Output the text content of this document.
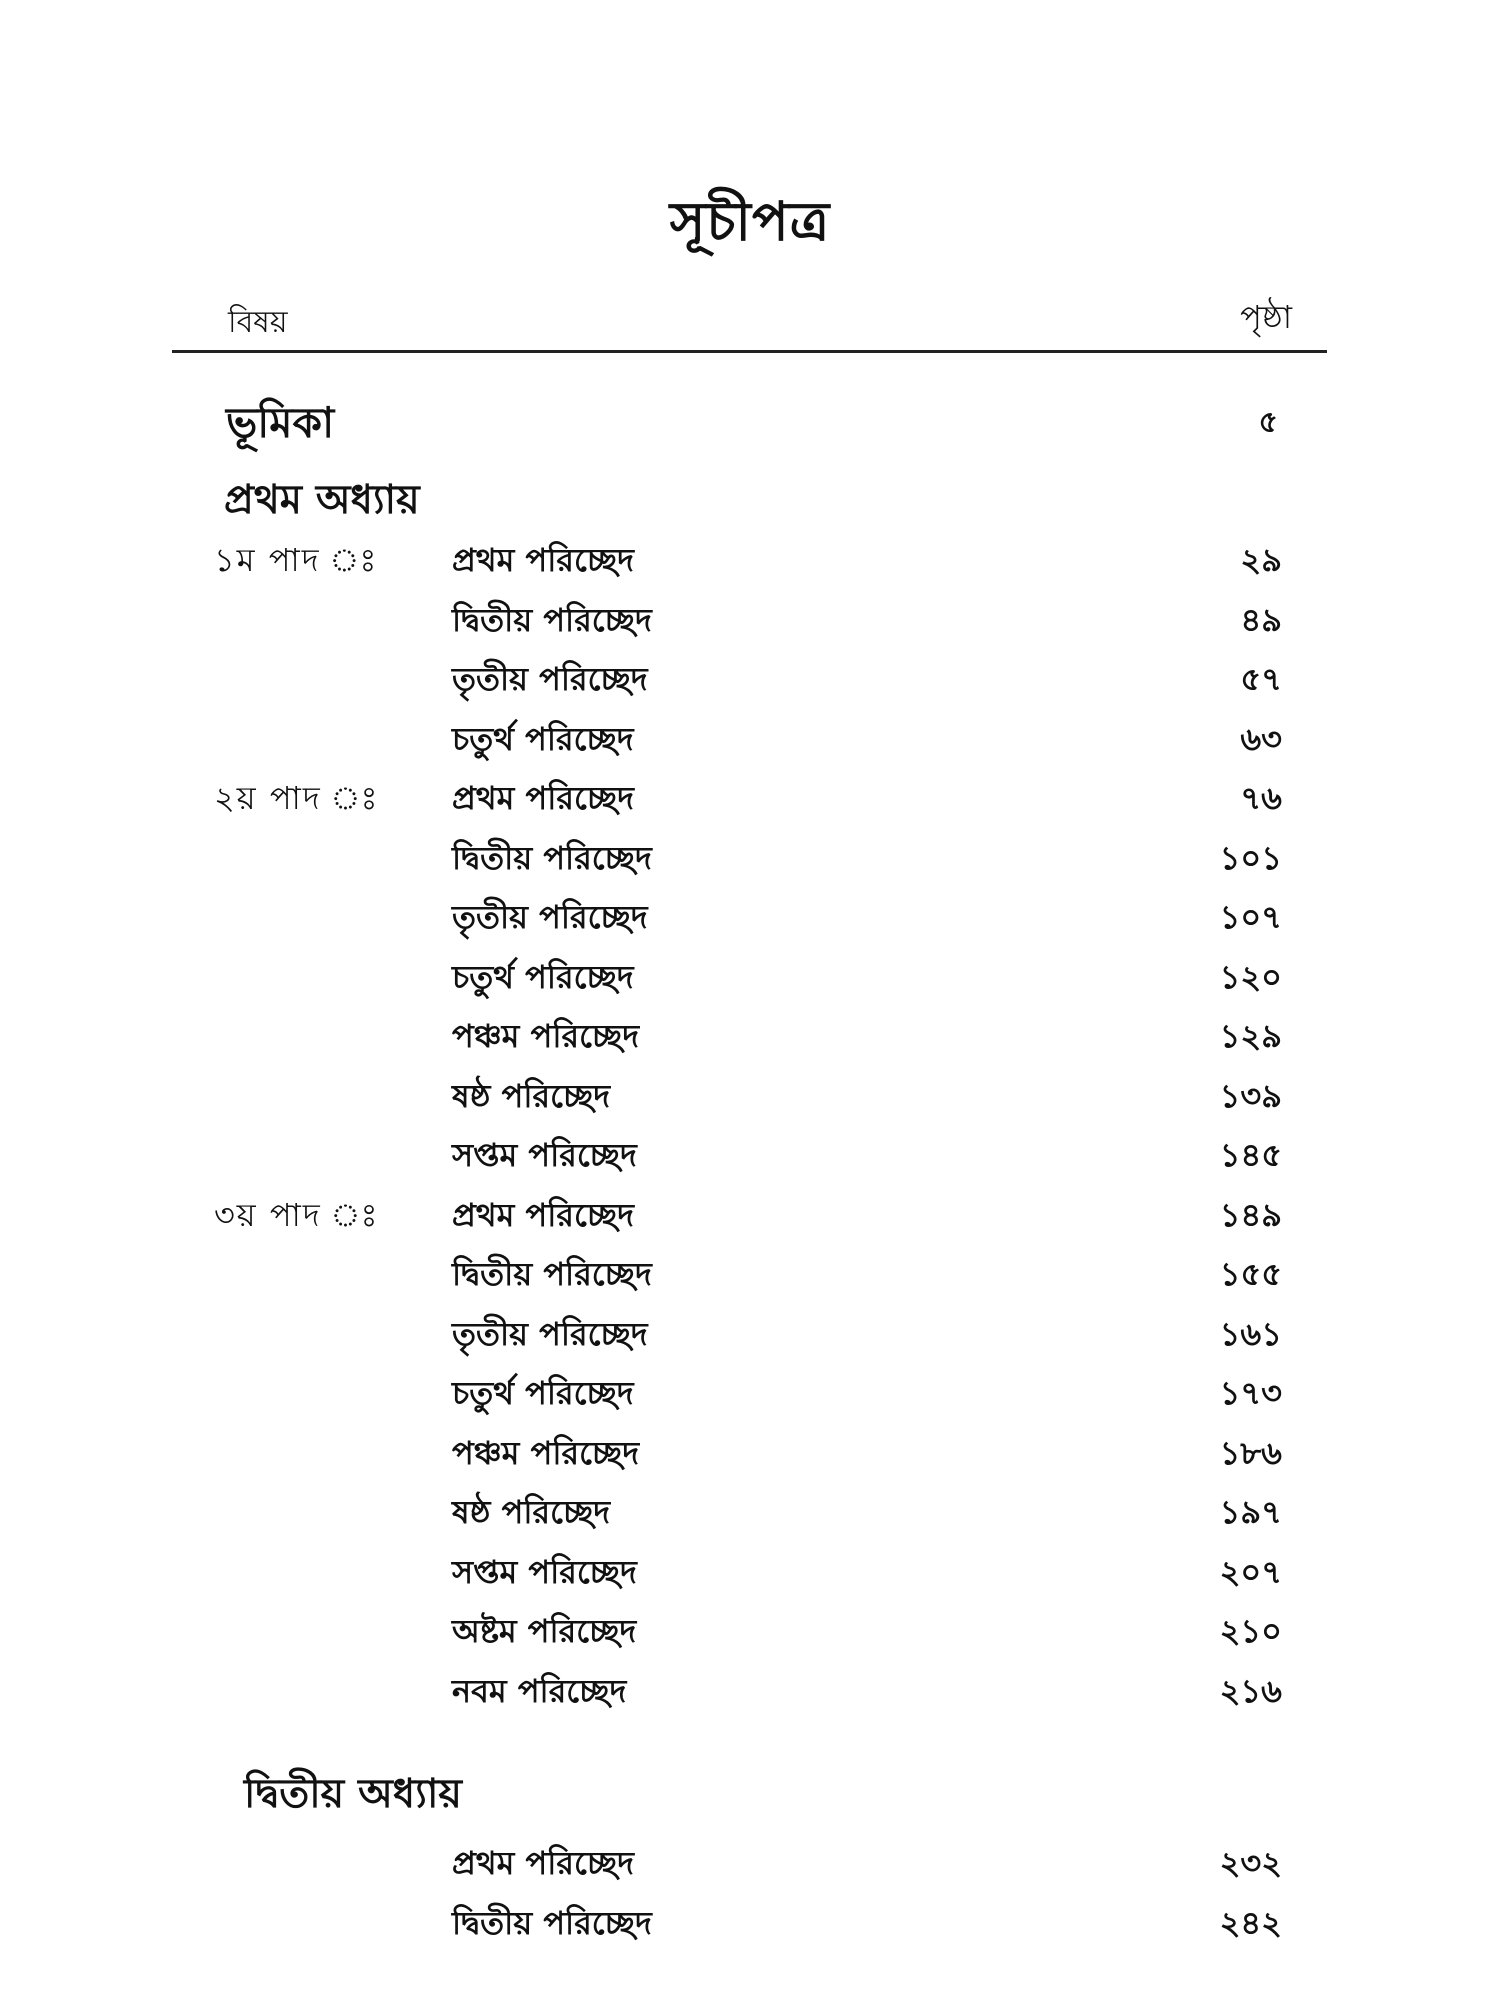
সূচীপত্র
বিষয়	পৃষ্ঠা
ভূমিকা	৫
প্রথম অধ্যায়
১ম পাদ ঃ প্রথম পরিচ্ছেদ	২৯
দ্বিতীয় পরিচ্ছেদ	৪৯
তৃতীয় পরিচ্ছেদ	৫৭
চতুর্থ পরিচ্ছেদ	৬৩
২য় পাদ ঃ প্রথম পরিচ্ছেদ	৭৬
দ্বিতীয় পরিচ্ছেদ	১০১
তৃতীয় পরিচ্ছেদ	১০৭
চতুর্থ পরিচ্ছেদ	১২০
পঞ্চম পরিচ্ছেদ	১২৯
ষষ্ঠ পরিচ্ছেদ	১৩৯
সপ্তম পরিচ্ছেদ	১৪৫
৩য় পাদ ঃ প্রথম পরিচ্ছেদ	১৪৯
দ্বিতীয় পরিচ্ছেদ	১৫৫
তৃতীয় পরিচ্ছেদ	১৬১
চতুর্থ পরিচ্ছেদ	১৭৩
পঞ্চম পরিচ্ছেদ	১৮৬
ষষ্ঠ পরিচ্ছেদ	১৯৭
সপ্তম পরিচ্ছেদ	২০৭
অষ্টম পরিচ্ছেদ	২১০
নবম পরিচ্ছেদ	২১৬
দ্বিতীয় অধ্যায়
প্রথম পরিচ্ছেদ	২৩২
দ্বিতীয় পরিচ্ছেদ	২৪২
